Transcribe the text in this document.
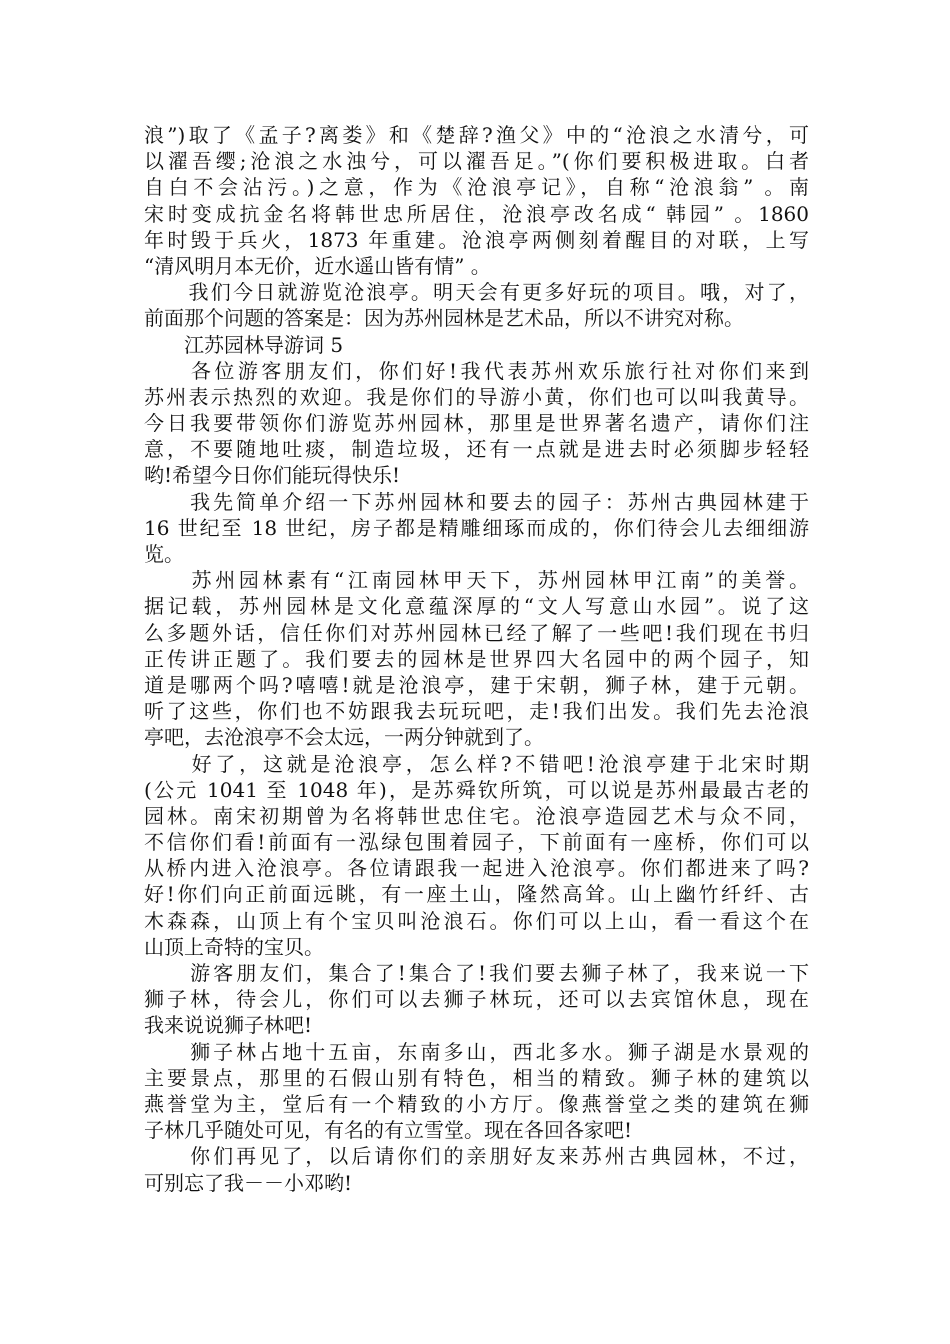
浪”)取了《孟子?离娄》和《楚辞?渔父》中的“沧浪之水清兮，可
以濯吾缨;沧浪之水浊兮，可以濯吾足。”(你们要积极进取。白者
自白不会沾污。)之意，作为《沧浪亭记》，自称“沧浪翁” 。南
宋时变成抗金名将韩世忠所居住，沧浪亭改名成“ 韩园” 。1860
年时毁于兵火，1873 年重建。沧浪亭两侧刻着醒目的对联，上写
“清风明月本无价，近水遥山皆有情” 。
　　我们今日就游览沧浪亭。明天会有更多好玩的项目。哦，对了，
前面那个问题的答案是：因为苏州园林是艺术品，所以不讲究对称。
　　江苏园林导游词 5
　　各位游客朋友们，你们好!我代表苏州欢乐旅行社对你们来到
苏州表示热烈的欢迎。我是你们的导游小黄，你们也可以叫我黄导。
今日我要带领你们游览苏州园林，那里是世界著名遗产，请你们注
意，不要随地吐痰，制造垃圾，还有一点就是进去时必须脚步轻轻
哟!希望今日你们能玩得快乐!
　　我先简单介绍一下苏州园林和要去的园子：苏州古典园林建于
16 世纪至 18 世纪，房子都是精雕细琢而成的，你们待会儿去细细游
览。
　　苏州园林素有“江南园林甲天下，苏州园林甲江南”的美誉。
据记载，苏州园林是文化意蕴深厚的“文人写意山水园”。说了这
么多题外话，信任你们对苏州园林已经了解了一些吧!我们现在书归
正传讲正题了。我们要去的园林是世界四大名园中的两个园子，知
道是哪两个吗?嘻嘻!就是沧浪亭，建于宋朝，狮子林，建于元朝。
听了这些，你们也不妨跟我去玩玩吧，走!我们出发。我们先去沧浪
亭吧，去沧浪亭不会太远，一两分钟就到了。
　　好了，这就是沧浪亭，怎么样?不错吧!沧浪亭建于北宋时期
(公元 1041 至 1048 年)，是苏舜钦所筑，可以说是苏州最最古老的
园林。南宋初期曾为名将韩世忠住宅。沧浪亭造园艺术与众不同，
不信你们看!前面有一泓绿包围着园子，下前面有一座桥，你们可以
从桥内进入沧浪亭。各位请跟我一起进入沧浪亭。你们都进来了吗?
好!你们向正前面远眺，有一座土山，隆然高耸。山上幽竹纤纤、古
木森森，山顶上有个宝贝叫沧浪石。你们可以上山，看一看这个在
山顶上奇特的宝贝。
　　游客朋友们，集合了!集合了!我们要去狮子林了，我来说一下
狮子林，待会儿，你们可以去狮子林玩，还可以去宾馆休息，现在
我来说说狮子林吧!
　　狮子林占地十五亩，东南多山，西北多水。狮子湖是水景观的
主要景点，那里的石假山别有特色，相当的精致。狮子林的建筑以
燕誉堂为主，堂后有一个精致的小方厅。像燕誉堂之类的建筑在狮
子林几乎随处可见，有名的有立雪堂。现在各回各家吧!
　　你们再见了，以后请你们的亲朋好友来苏州古典园林，不过，
可别忘了我－－小邓哟!
